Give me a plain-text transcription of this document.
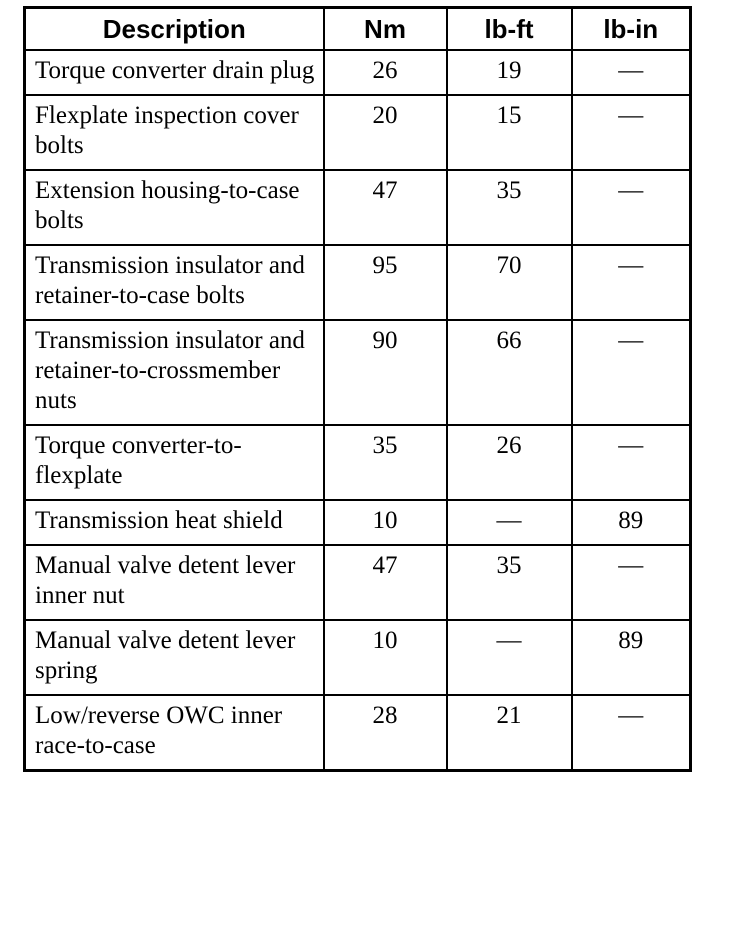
Description	Nm	lb-ft	lb-in
Torque converter drain plug	26	19	—
Flexplate inspection cover bolts	20	15	—
Extension housing-to-case bolts	47	35	—
Transmission insulator and retainer-to-case bolts	95	70	—
Transmission insulator and retainer-to-crossmember nuts	90	66	—
Torque converter-to-flexplate	35	26	—
Transmission heat shield	10	—	89
Manual valve detent lever inner nut	47	35	—
Manual valve detent lever spring	10	—	89
Low/reverse OWC inner race-to-case	28	21	—
